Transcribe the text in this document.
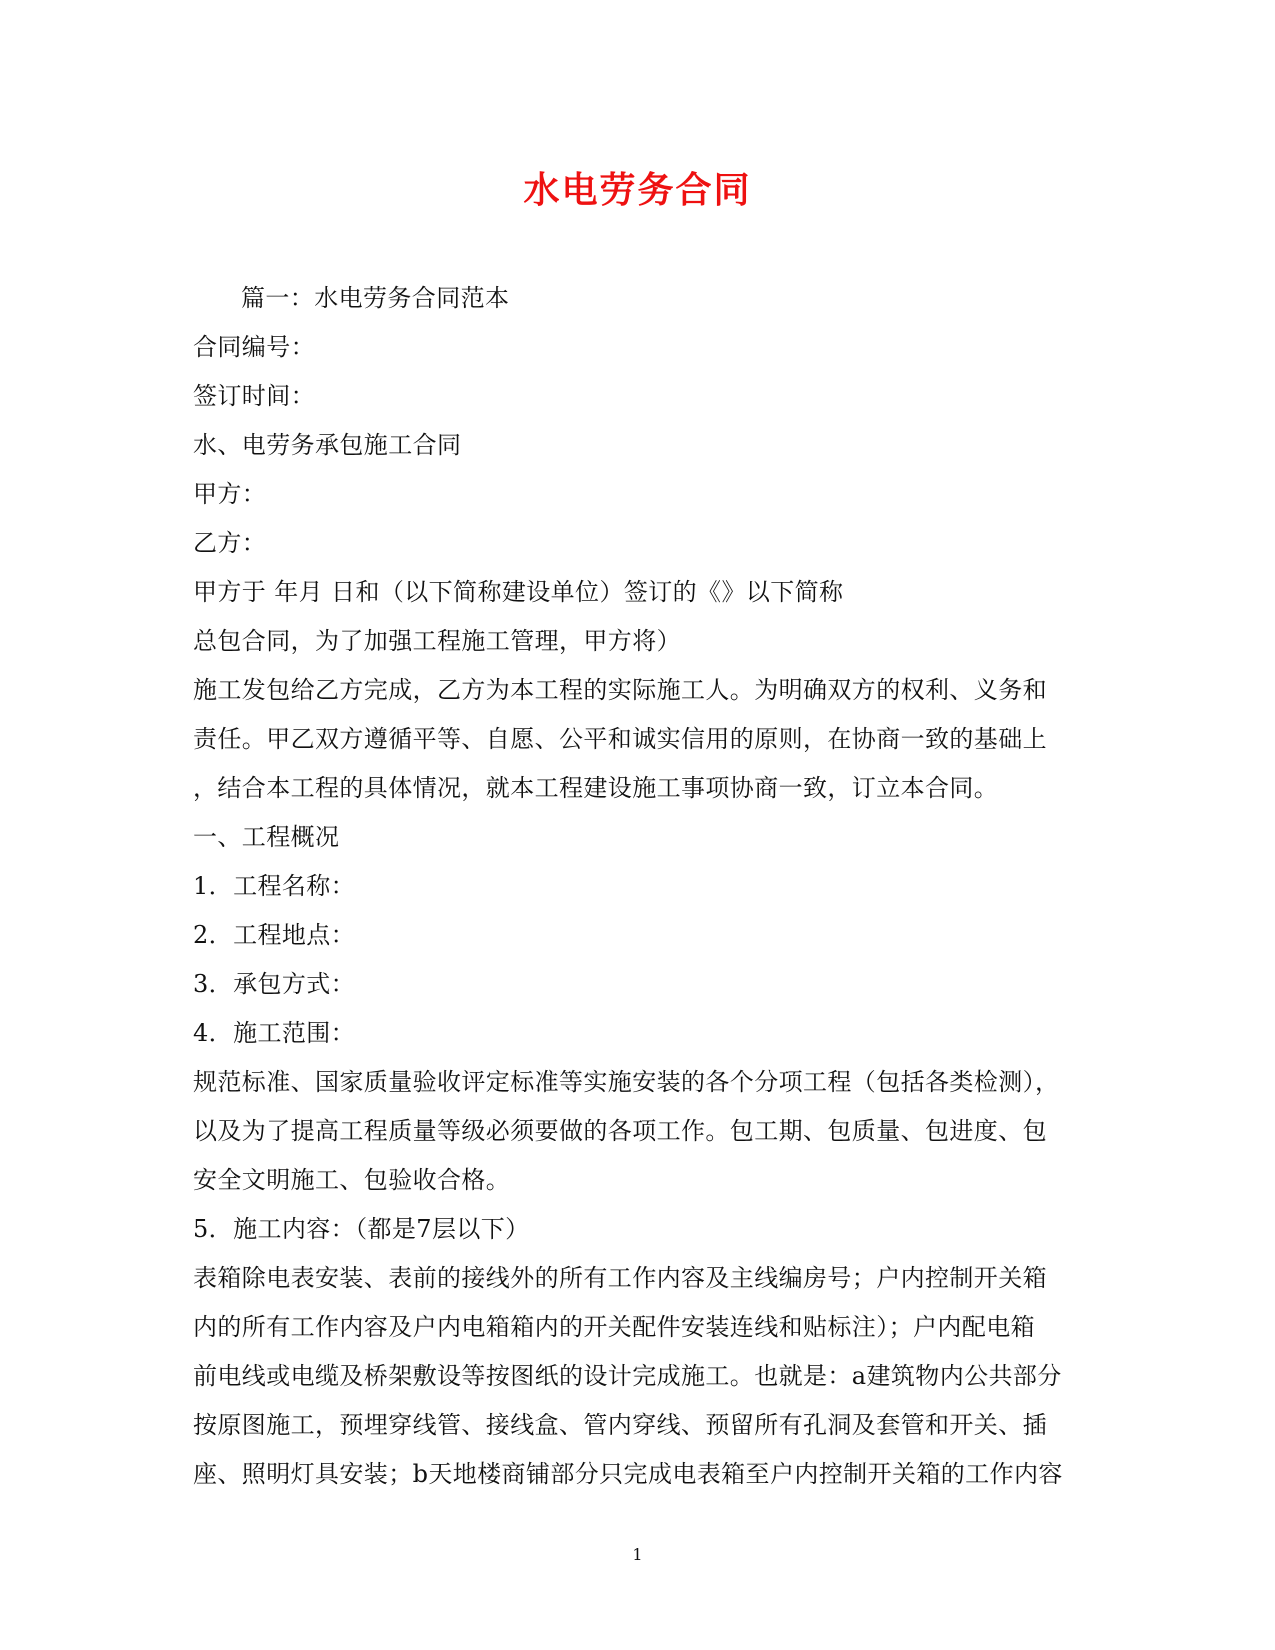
水电劳务合同
篇一：水电劳务合同范本
合同编号：
签订时间：
水、电劳务承包施工合同
甲方：
乙方：
甲方于 年月 日和（以下简称建设单位）签订的《》以下简称
总包合同，为了加强工程施工管理，甲方将）
施工发包给乙方完成，乙方为本工程的实际施工人。为明确双方的权利、义务和
责任。甲乙双方遵循平等、自愿、公平和诚实信用的原则，在协商一致的基础上
，结合本工程的具体情况，就本工程建设施工事项协商一致，订立本合同。
一、工程概况
1．工程名称：
2．工程地点：
3．承包方式：
4．施工范围：
规范标准、国家质量验收评定标准等实施安装的各个分项工程（包括各类检测），
以及为了提高工程质量等级必须要做的各项工作。包工期、包质量、包进度、包
安全文明施工、包验收合格。
5．施工内容：（都是7层以下）
表箱除电表安装、表前的接线外的所有工作内容及主线编房号；户内控制开关箱
内的所有工作内容及户内电箱箱内的开关配件安装连线和贴标注）；户内配电箱
前电线或电缆及桥架敷设等按图纸的设计完成施工。也就是：a建筑物内公共部分
按原图施工，预埋穿线管、接线盒、管内穿线、预留所有孔洞及套管和开关、插
座、照明灯具安装；b天地楼商铺部分只完成电表箱至户内控制开关箱的工作内容
1
